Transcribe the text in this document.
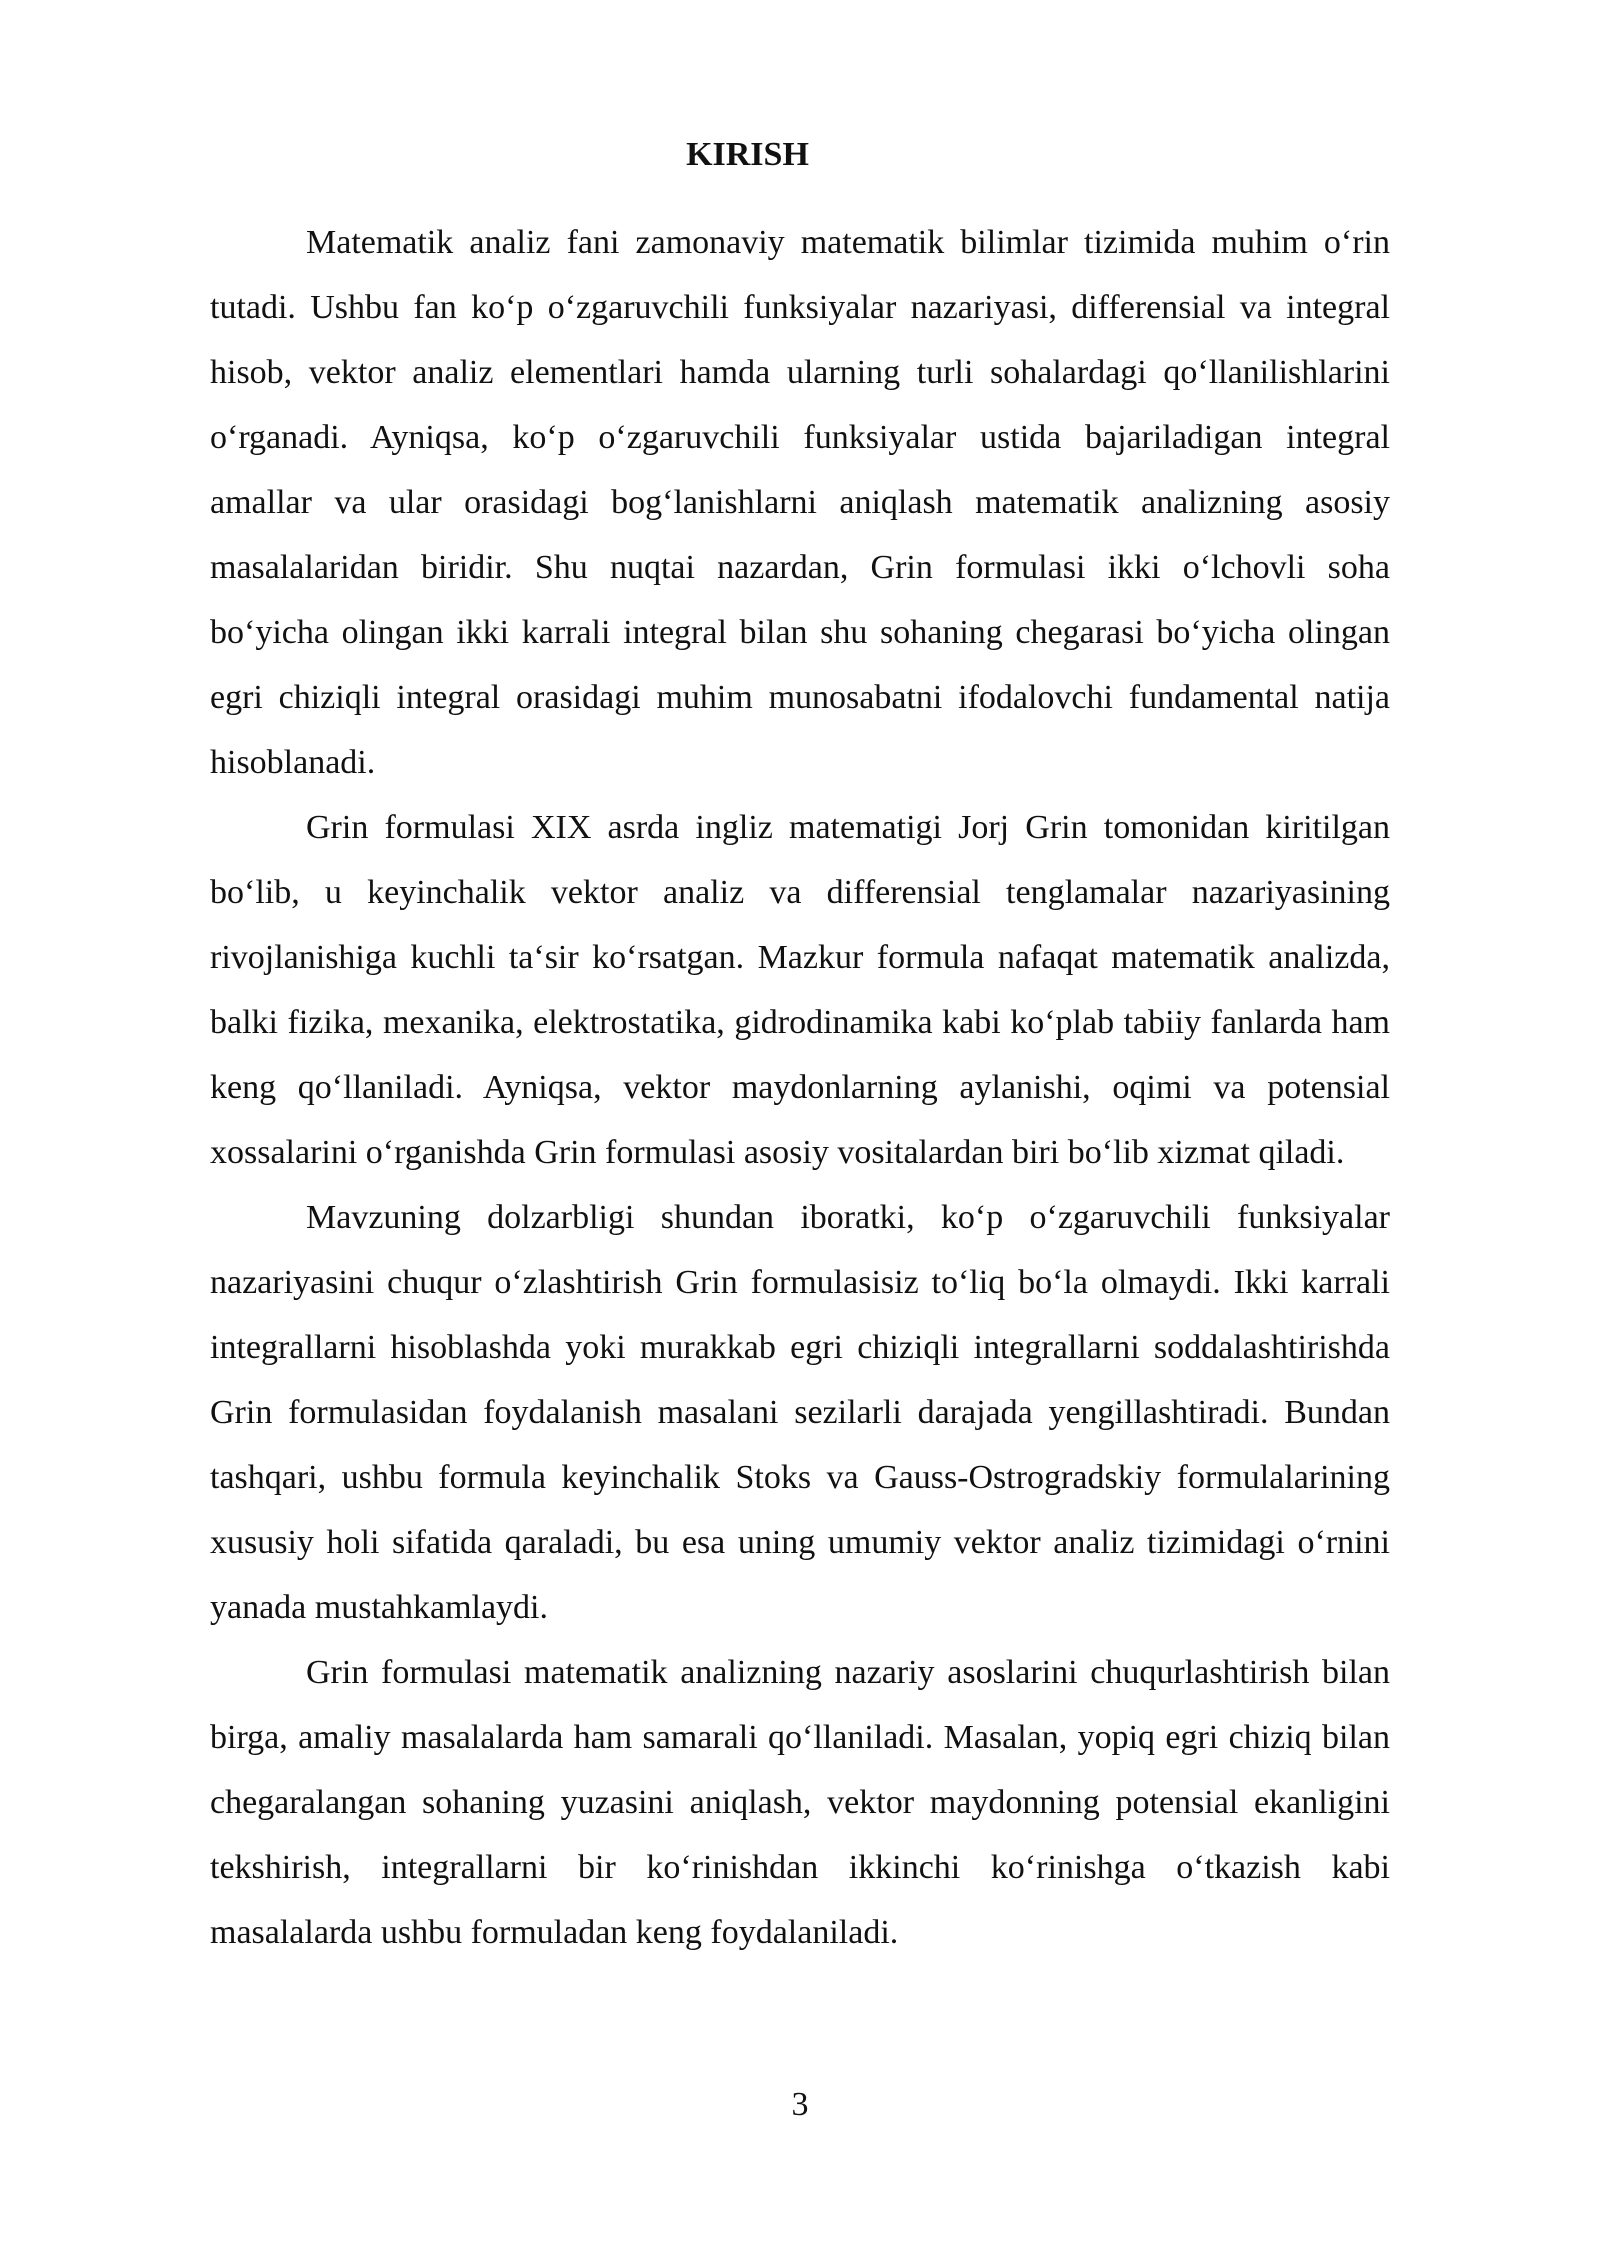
KIRISH

Matematik analiz fani zamonaviy matematik bilimlar tizimida muhim o‘rin tutadi. Ushbu fan ko‘p o‘zgaruvchili funksiyalar nazariyasi, differensial va integral hisob, vektor analiz elementlari hamda ularning turli sohalardagi qo‘llanilishlarini o‘rganadi. Ayniqsa, ko‘p o‘zgaruvchili funksiyalar ustida bajariladigan integral amallar va ular orasidagi bog‘lanishlarni aniqlash matematik analizning asosiy masalalaridan biridir. Shu nuqtai nazardan, Grin formulasi ikki o‘lchovli soha bo‘yicha olingan ikki karrali integral bilan shu sohaning chegarasi bo‘yicha olingan egri chiziqli integral orasidagi muhim munosabatni ifodalovchi fundamental natija hisoblanadi.

Grin formulasi XIX asrda ingliz matematigi Jorj Grin tomonidan kiritilgan bo‘lib, u keyinchalik vektor analiz va differensial tenglamalar nazariyasining rivojlanishiga kuchli ta‘sir ko‘rsatgan. Mazkur formula nafaqat matematik analizda, balki fizika, mexanika, elektrostatika, gidrodinamika kabi ko‘plab tabiiy fanlarda ham keng qo‘llaniladi. Ayniqsa, vektor maydonlarning aylanishi, oqimi va potensial xossalarini o‘rganishda Grin formulasi asosiy vositalardan biri bo‘lib xizmat qiladi.

Mavzuning dolzarbligi shundan iboratki, ko‘p o‘zgaruvchili funksiyalar nazariyasini chuqur o‘zlashtirish Grin formulasisiz to‘liq bo‘la olmaydi. Ikki karrali integrallarni hisoblashda yoki murakkab egri chiziqli integrallarni soddalashtirishda Grin formulasidan foydalanish masalani sezilarli darajada yengillashtiradi. Bundan tashqari, ushbu formula keyinchalik Stoks va Gauss-Ostrogradskiy formulalarining xususiy holi sifatida qaraladi, bu esa uning umumiy vektor analiz tizimidagi o‘rnini yanada mustahkamlaydi.

Grin formulasi matematik analizning nazariy asoslarini chuqurlashtirish bilan birga, amaliy masalalarda ham samarali qo‘llaniladi. Masalan, yopiq egri chiziq bilan chegaralangan sohaning yuzasini aniqlash, vektor maydonning potensial ekanligini tekshirish, integrallarni bir ko‘rinishdan ikkinchi ko‘rinishga o‘tkazish kabi masalalarda ushbu formuladan keng foydalaniladi.

3
